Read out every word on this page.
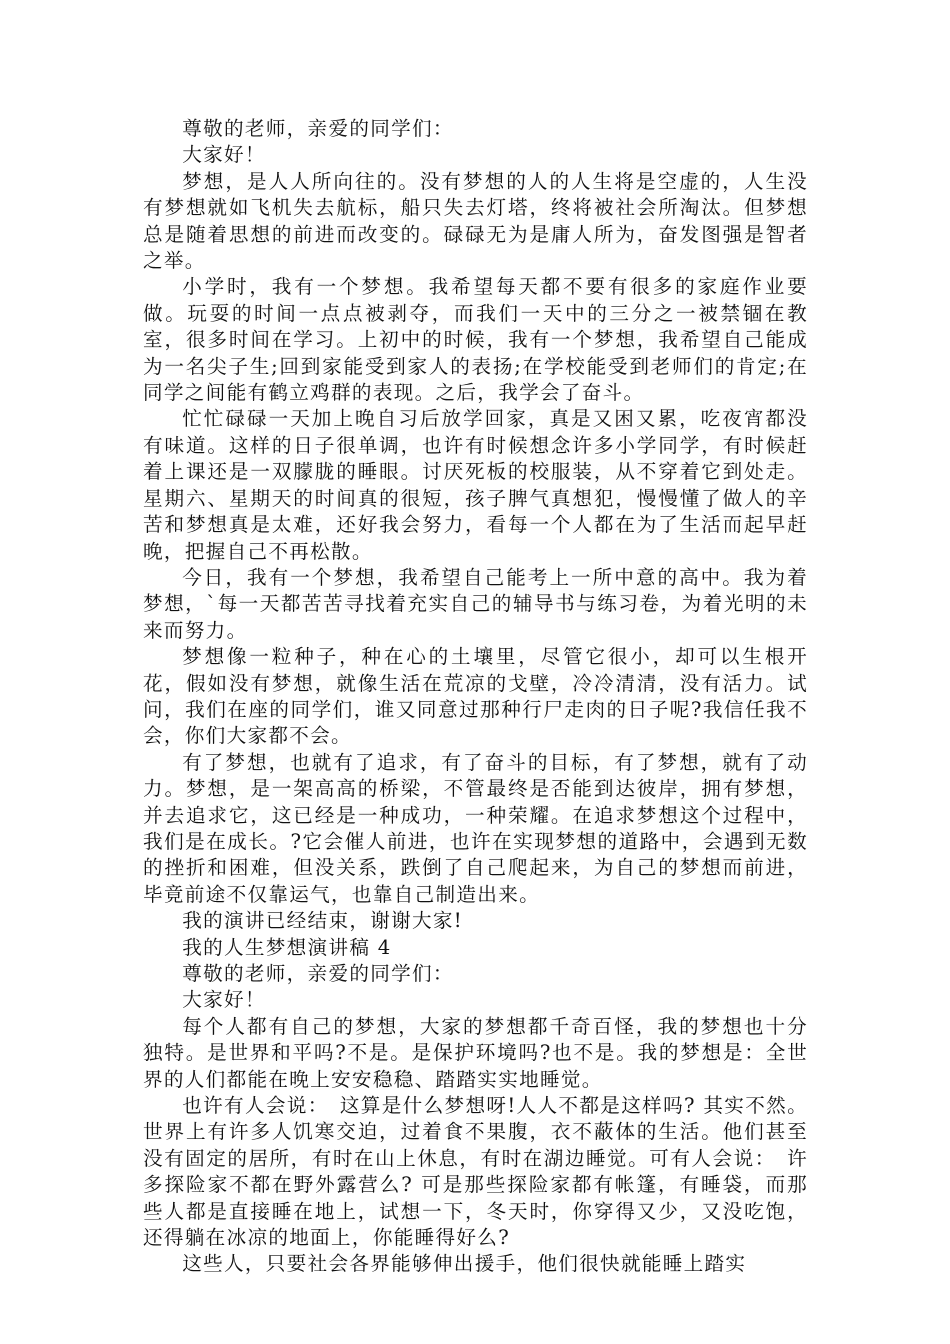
尊敬的老师，亲爱的同学们：

大家好！

梦想，是人人所向往的。没有梦想的人的人生将是空虚的，人生没有梦想就如飞机失去航标，船只失去灯塔，终将被社会所淘汰。但梦想总是随着思想的前进而改变的。碌碌无为是庸人所为，奋发图强是智者之举。

小学时，我有一个梦想。我希望每天都不要有很多的家庭作业要做。玩耍的时间一点点被剥夺，而我们一天中的三分之一被禁锢在教室，很多时间在学习。上初中的时候，我有一个梦想，我希望自己能成为一名尖子生;回到家能受到家人的表扬;在学校能受到老师们的肯定;在同学之间能有鹤立鸡群的表现。之后，我学会了奋斗。

忙忙碌碌一天加上晚自习后放学回家，真是又困又累，吃夜宵都没有味道。这样的日子很单调，也许有时候想念许多小学同学，有时候赶着上课还是一双朦胧的睡眼。讨厌死板的校服装，从不穿着它到处走。星期六、星期天的时间真的很短，孩子脾气真想犯，慢慢懂了做人的辛苦和梦想真是太难，还好我会努力，看每一个人都在为了生活而起早赶晚，把握自己不再松散。

今日，我有一个梦想，我希望自己能考上一所中意的高中。我为着梦想，`每一天都苦苦寻找着充实自己的辅导书与练习卷，为着光明的未来而努力。

梦想像一粒种子，种在心的土壤里，尽管它很小，却可以生根开花，假如没有梦想，就像生活在荒凉的戈壁，冷冷清清，没有活力。试问，我们在座的同学们，谁又同意过那种行尸走肉的日子呢?我信任我不会，你们大家都不会。

有了梦想，也就有了追求，有了奋斗的目标，有了梦想，就有了动力。梦想，是一架高高的桥梁，不管最终是否能到达彼岸，拥有梦想，并去追求它，这已经是一种成功，一种荣耀。在追求梦想这个过程中，我们是在成长。?它会催人前进，也许在实现梦想的道路中，会遇到无数的挫折和困难，但没关系，跌倒了自己爬起来，为自己的梦想而前进，毕竟前途不仅靠运气，也靠自己制造出来。

我的演讲已经结束，谢谢大家!

我的人生梦想演讲稿 4

尊敬的老师，亲爱的同学们：

大家好！

每个人都有自己的梦想，大家的梦想都千奇百怪，我的梦想也十分独特。是世界和平吗?不是。是保护环境吗?也不是。我的梦想是：全世界的人们都能在晚上安安稳稳、踏踏实实地睡觉。

也许有人会说：　这算是什么梦想呀!人人不都是这样吗? 其实不然。世界上有许多人饥寒交迫，过着食不果腹，衣不蔽体的生活。他们甚至没有固定的居所，有时在山上休息，有时在湖边睡觉。可有人会说：　许多探险家不都在野外露营么? 可是那些探险家都有帐篷，有睡袋，而那些人都是直接睡在地上，试想一下，冬天时，你穿得又少，又没吃饱，还得躺在冰凉的地面上，你能睡得好么?

这些人，只要社会各界能够伸出援手，他们很快就能睡上踏实
